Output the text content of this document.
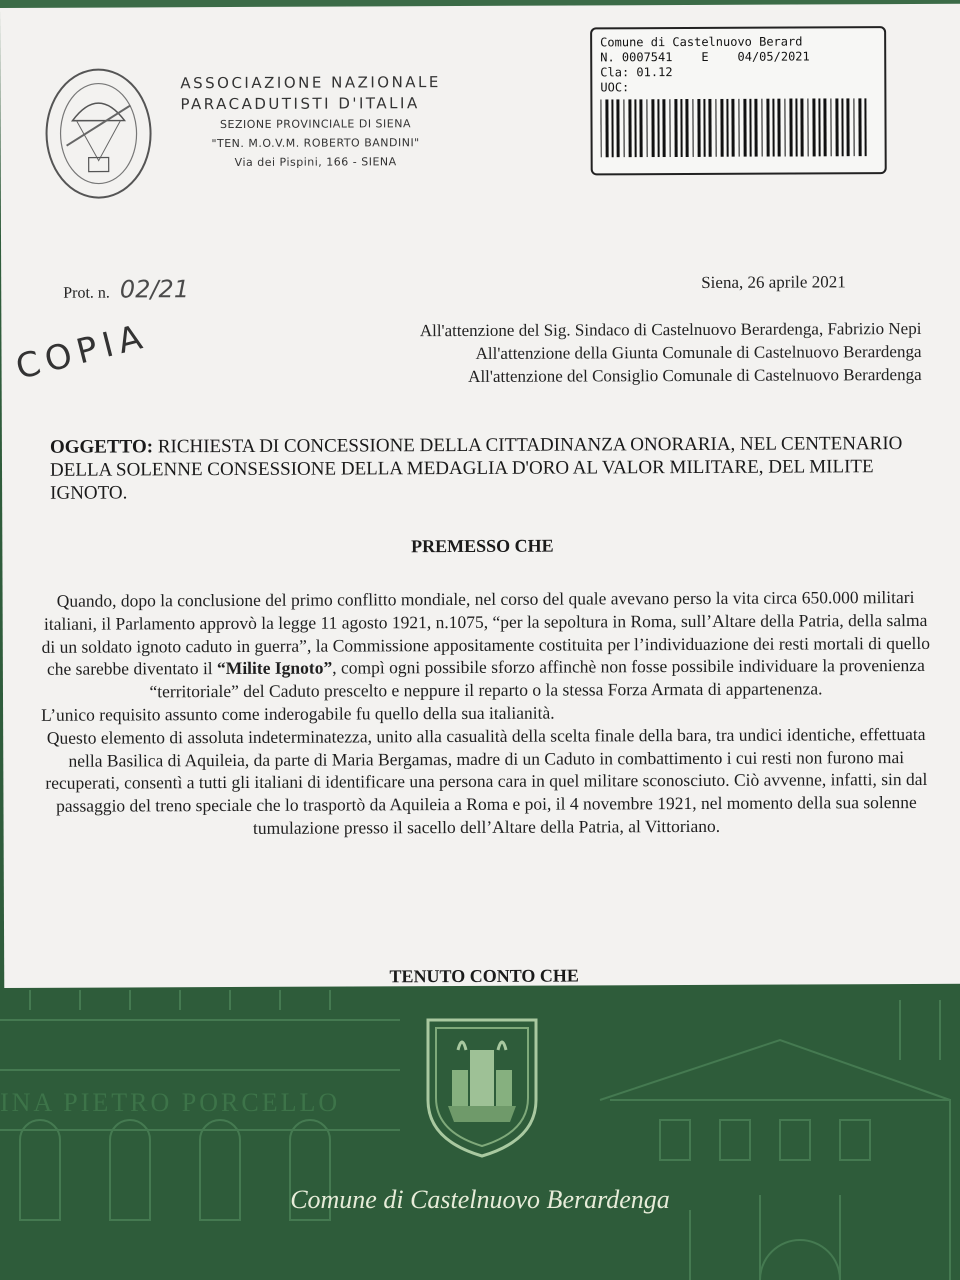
INA PIETRO PORCELLO
Comune di Castelnuovo Berardenga
ASSOCIAZIONE NAZIONALE
PARACADUTISTI D'ITALIA
SEZIONE PROVINCIALE DI SIENA
"TEN. M.O.V.M. ROBERTO BANDINI"
Via dei Pispini, 166 - SIENA
Comune di Castelnuovo Berard
N. 0007541    E    04/05/2021
Cla: 01.12
UOC:
Prot. n. 02/21	Siena, 26 aprile 2021
All'attenzione del Sig. Sindaco di Castelnuovo Berardenga, Fabrizio Nepi
All'attenzione della Giunta Comunale di Castelnuovo Berardenga
All'attenzione del Consiglio Comunale di Castelnuovo Berardenga
COPIA
OGGETTO: RICHIESTA DI CONCESSIONE DELLA CITTADINANZA ONORARIA, NEL CENTENARIO DELLA SOLENNE CONSESSIONE DELLA MEDAGLIA D'ORO AL VALOR MILITARE, DEL MILITE IGNOTO.
PREMESSO CHE

Quando, dopo la conclusione del primo conflitto mondiale, nel corso del quale avevano perso la vita circa 650.000 militari italiani, il Parlamento approvò la legge 11 agosto 1921, n.1075, “per la sepoltura in Roma, sull’Altare della Patria, della salma di un soldato ignoto caduto in guerra”, la Commissione appositamente costituita per l’individuazione dei resti mortali di quello che sarebbe diventato il “Milite Ignoto”, compì ogni possibile sforzo affinchè non fosse possibile individuare la provenienza “territoriale” del Caduto prescelto e neppure il reparto o la stessa Forza Armata di appartenenza.

L’unico requisito assunto come inderogabile fu quello della sua italianità.

Questo elemento di assoluta indeterminatezza, unito alla casualità della scelta finale della bara, tra undici identiche, effettuata nella Basilica di Aquileia, da parte di Maria Bergamas, madre di un Caduto in combattimento i cui resti non furono mai recuperati, consentì a tutti gli italiani di identificare una persona cara in quel militare sconosciuto. Ciò avvenne, infatti, sin dal passaggio del treno speciale che lo trasportò da Aquileia a Roma e poi, il 4 novembre 1921, nel momento della sua solenne tumulazione presso il sacello dell’Altare della Patria, al Vittoriano.

TENUTO CONTO CHE
